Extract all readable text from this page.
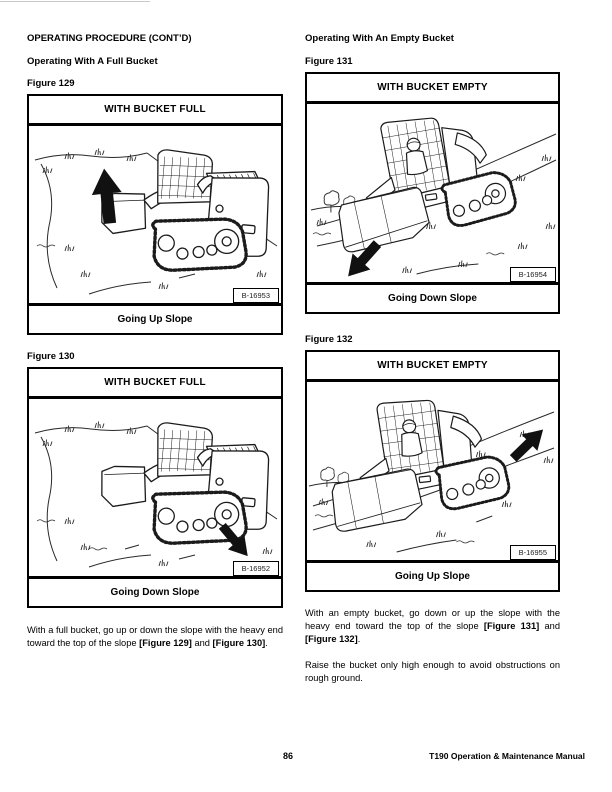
OPERATING PROCEDURE (CONT’D)
Operating With A Full Bucket
Figure 129
WITH BUCKET FULL
B-16953
Going Up Slope
Figure 130
WITH BUCKET FULL
B-16952
Going Down Slope

With a full bucket, go up or down the slope with the heavy end toward the top of the slope [Figure 129] and [Figure 130].

Operating With An Empty Bucket
Figure 131
WITH BUCKET EMPTY
B-16954
Going Down Slope
Figure 132
WITH BUCKET EMPTY
B-16955
Going Up Slope

With an empty bucket, go down or up the slope with the heavy end toward the top of the slope [Figure 131] and [Figure 132].

Raise the bucket only high enough to avoid obstructions on rough ground.

86	T190 Operation & Maintenance Manual
